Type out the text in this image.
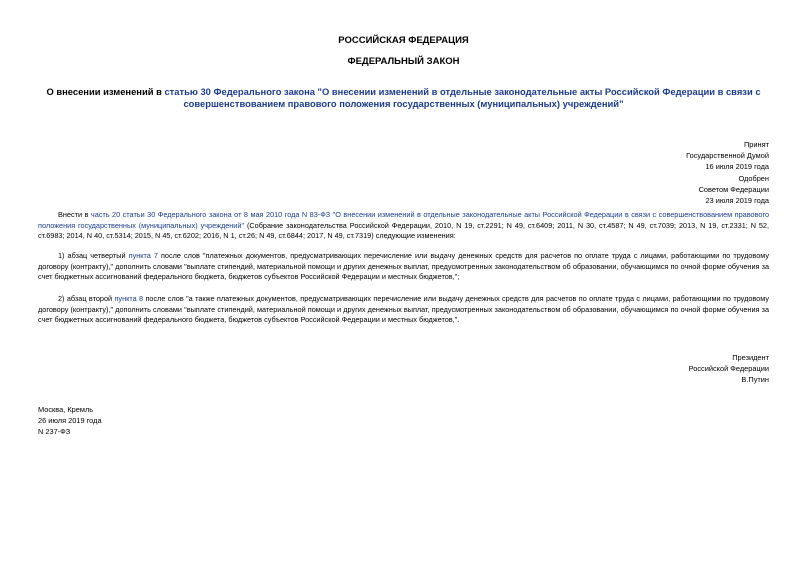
РОССИЙСКАЯ ФЕДЕРАЦИЯ
ФЕДЕРАЛЬНЫЙ ЗАКОН
О внесении изменений в статью 30 Федерального закона "О внесении изменений в отдельные законодательные акты Российской Федерации в связи с совершенствованием правового положения государственных (муниципальных) учреждений"
Принят
Государственной Думой
16 июля 2019 года
Одобрен
Советом Федерации
23 июля 2019 года
Внести в часть 20 статьи 30 Федерального закона от 8 мая 2010 года N 83-ФЗ "О внесении изменений в отдельные законодательные акты Российской Федерации в связи с совершенствованием правового положения государственных (муниципальных) учреждений" (Собрание законодательства Российской Федерации, 2010, N 19, ст.2291; N 49, ст.6409; 2011, N 30, ст.4587; N 49, ст.7039; 2013, N 19, ст.2331; N 52, ст.6983; 2014, N 40, ст.5314; 2015, N 45, ст.6202; 2016, N 1, ст.26; N 49, ст.6844; 2017, N 49, ст.7319) следующие изменения:
1) абзац четвертый пункта 7 после слов "платежных документов, предусматривающих перечисление или выдачу денежных средств для расчетов по оплате труда с лицами, работающими по трудовому договору (контракту)," дополнить словами "выплате стипендий, материальной помощи и других денежных выплат, предусмотренных законодательством об образовании, обучающимся по очной форме обучения за счет бюджетных ассигнований федерального бюджета, бюджетов субъектов Российской Федерации и местных бюджетов,";
2) абзац второй пункта 8 после слов "а также платежных документов, предусматривающих перечисление или выдачу денежных средств для расчетов по оплате труда с лицами, работающими по трудовому договору (контракту)," дополнить словами "выплате стипендий, материальной помощи и других денежных выплат, предусмотренных законодательством об образовании, обучающимся по очной форме обучения за счет бюджетных ассигнований федерального бюджета, бюджетов субъектов Российской Федерации и местных бюджетов,".
Президент
Российской Федерации
В.Путин
Москва, Кремль
26 июля 2019 года
N 237-ФЗ
